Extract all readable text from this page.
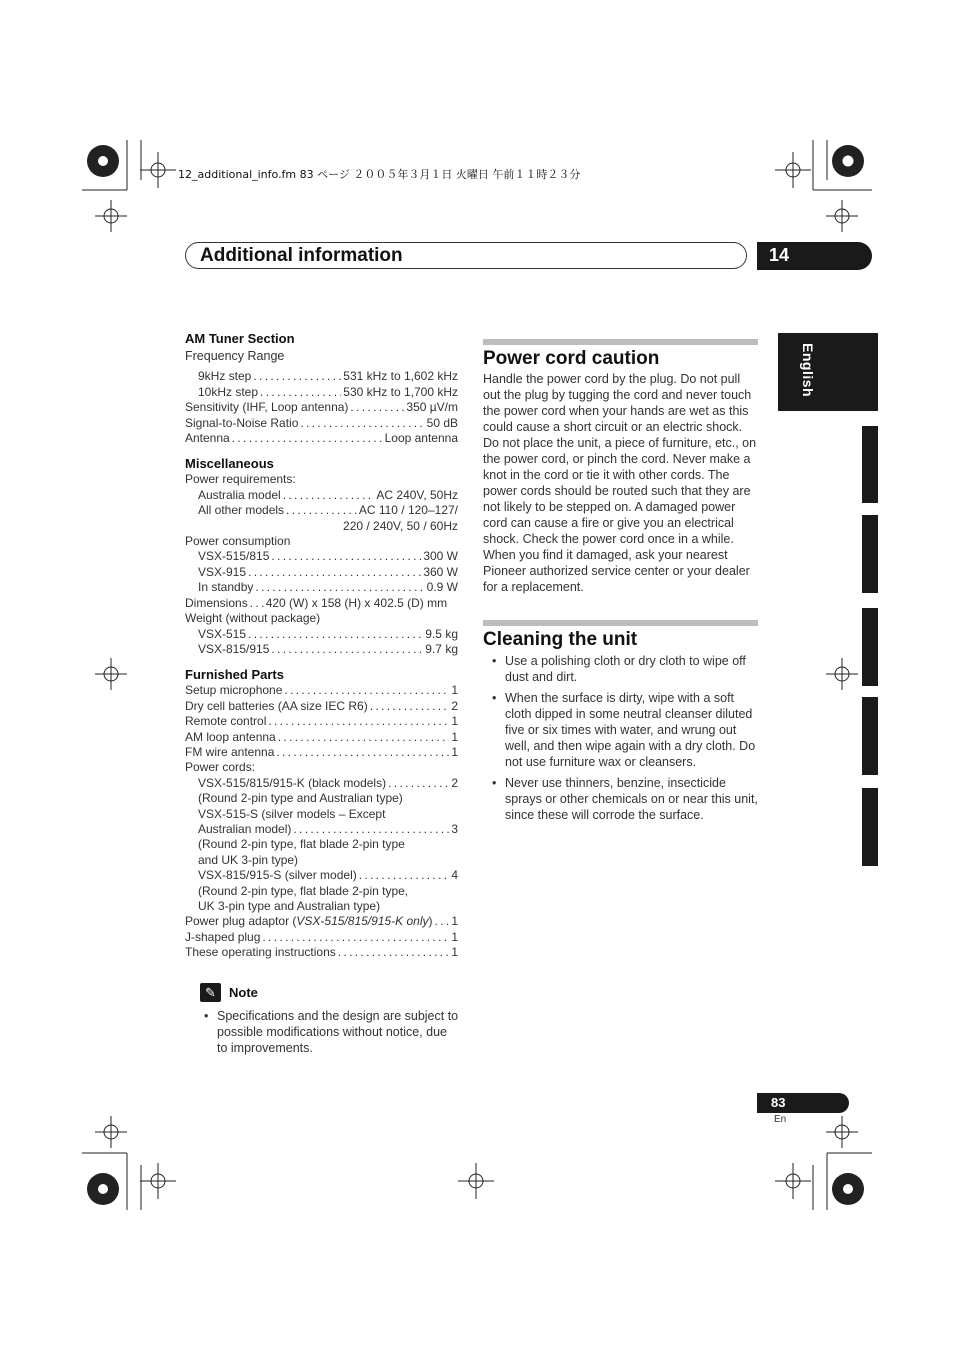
12_additional_info.fm 83 ページ ２００５年３月１日 火曜日 午前１１時２３分
Additional information	14
English
AM Tuner Section
Frequency Range
9kHz step . . .	531 kHz to 1,602 kHz
10kHz step . . .	530 kHz to 1,700 kHz
Sensitivity (IHF, Loop antenna) . . .	350 µV/m
Signal-to-Noise Ratio . . .	50 dB
Antenna . . .	Loop antenna
Miscellaneous
Power requirements:
Australia model . . .	AC 240V, 50Hz
All other models . . .	AC 110 / 120–127/
220 / 240V, 50 / 60Hz
Power consumption
VSX-515/815 . . .	300 W
VSX-915 . . .	360 W
In standby . . .	0.9 W
Dimensions . . . 420 (W) x 158 (H) x 402.5 (D) mm
Weight (without package)
VSX-515 . . .	9.5 kg
VSX-815/915 . . .	9.7 kg
Furnished Parts
Setup microphone . . .	1
Dry cell batteries (AA size IEC R6) . . .	2
Remote control . . .	1
AM loop antenna . . .	1
FM wire antenna . . .	1
Power cords:
VSX-515/815/915-K (black models) . . .	2
(Round 2-pin type and Australian type)
VSX-515-S (silver models – Except
Australian model) . . .	3
(Round 2-pin type, flat blade 2-pin type
and UK 3-pin type)
VSX-815/915-S (silver model) . . .	4
(Round 2-pin type, flat blade 2-pin type,
UK 3-pin type and Australian type)
Power plug adaptor (VSX-515/815/915-K only) . . . 1
J-shaped plug . . .	1
These operating instructions . . .	1
✎	Note
• Specifications and the design are subject to possible modifications without notice, due to improvements.
Power cord caution
Handle the power cord by the plug. Do not pull out the plug by tugging the cord and never touch the power cord when your hands are wet as this could cause a short circuit or an electric shock. Do not place the unit, a piece of furniture, etc., on the power cord, or pinch the cord. Never make a knot in the cord or tie it with other cords. The power cords should be routed such that they are not likely to be stepped on. A damaged power cord can cause a fire or give you an electrical shock. Check the power cord once in a while. When you find it damaged, ask your nearest Pioneer authorized service center or your dealer for a replacement.
Cleaning the unit
• Use a polishing cloth or dry cloth to wipe off dust and dirt.
• When the surface is dirty, wipe with a soft cloth dipped in some neutral cleanser diluted five or six times with water, and wrung out well, and then wipe again with a dry cloth. Do not use furniture wax or cleansers.
• Never use thinners, benzine, insecticide sprays or other chemicals on or near this unit, since these will corrode the surface.
83
En
